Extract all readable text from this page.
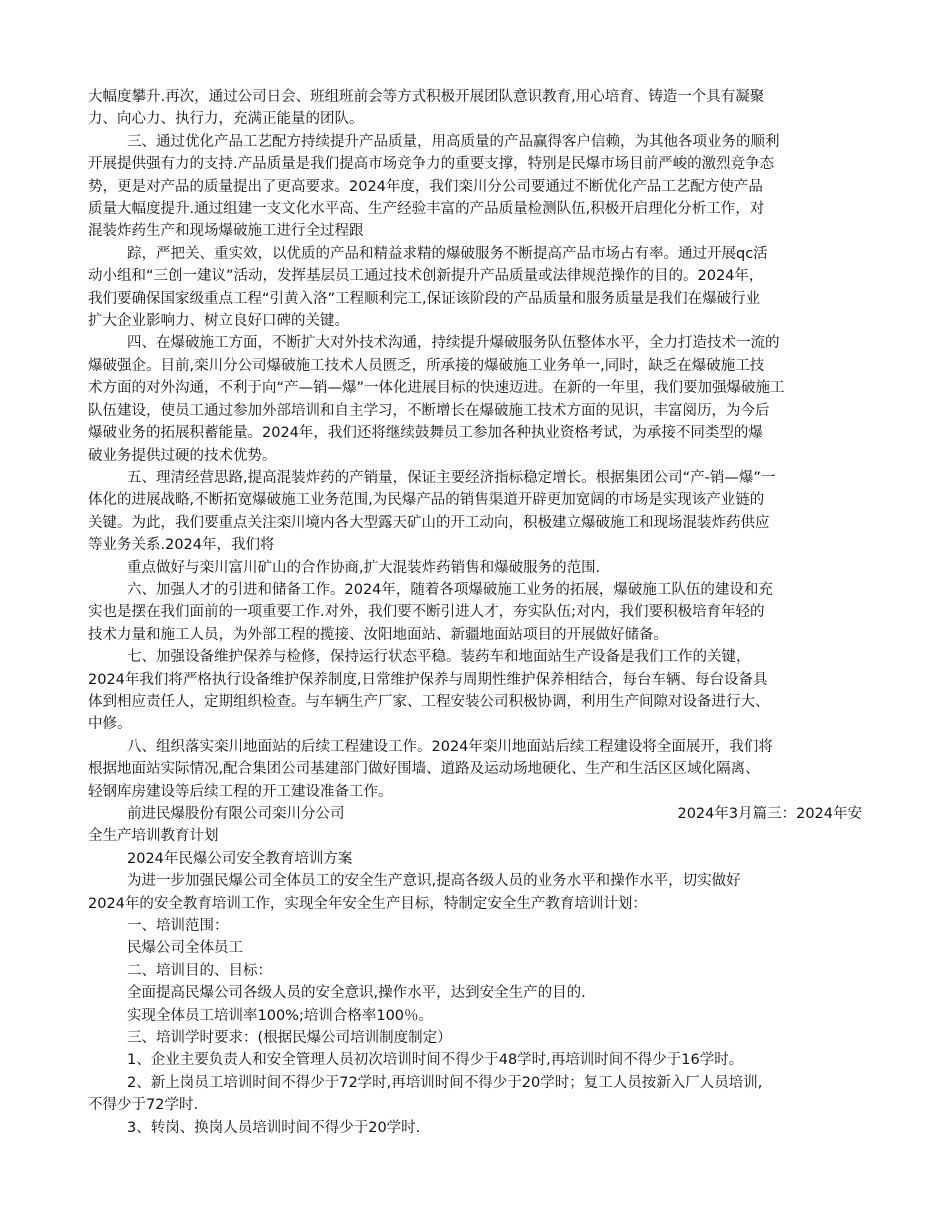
大幅度攀升.再次，通过公司日会、班组班前会等方式积极开展团队意识教育,用心培育、铸造一个具有凝聚

力、向心力、执行力，充满正能量的团队。

三、通过优化产品工艺配方持续提升产品质量，用高质量的产品赢得客户信赖，为其他各项业务的顺利

开展提供强有力的支持.产品质量是我们提高市场竞争力的重要支撑，特别是民爆市场目前严峻的激烈竞争态

势，更是对产品的质量提出了更高要求。2024年度，我们栾川分公司要通过不断优化产品工艺配方使产品

质量大幅度提升.通过组建一支文化水平高、生产经验丰富的产品质量检测队伍,积极开启理化分析工作，对

混装炸药生产和现场爆破施工进行全过程跟

踪，严把关、重实效，以优质的产品和精益求精的爆破服务不断提高产品市场占有率。通过开展qc活

动小组和“三创一建议”活动，发挥基层员工通过技术创新提升产品质量或法律规范操作的目的。2024年，

我们要确保国家级重点工程“引黄入洛”工程顺利完工,保证该阶段的产品质量和服务质量是我们在爆破行业

扩大企业影响力、树立良好口碑的关键。

四、在爆破施工方面，不断扩大对外技术沟通，持续提升爆破服务队伍整体水平，全力打造技术一流的

爆破强企。目前,栾川分公司爆破施工技术人员匮乏，所承接的爆破施工业务单一,同时，缺乏在爆破施工技

术方面的对外沟通，不利于向“产—销—爆”一体化进展目标的快速迈进。在新的一年里，我们要加强爆破施工

队伍建设，使员工通过参加外部培训和自主学习，不断增长在爆破施工技术方面的见识，丰富阅历，为今后

爆破业务的拓展积蓄能量。2024年，我们还将继续鼓舞员工参加各种执业资格考试，为承接不同类型的爆

破业务提供过硬的技术优势。

五、理清经营思路,提高混装炸药的产销量，保证主要经济指标稳定增长。根据集团公司“产-销—爆”一

体化的进展战略,不断拓宽爆破施工业务范围,为民爆产品的销售渠道开辟更加宽阔的市场是实现该产业链的

关键。为此，我们要重点关注栾川境内各大型露天矿山的开工动向，积极建立爆破施工和现场混装炸药供应

等业务关系.2024年，我们将

重点做好与栾川富川矿山的合作协商,扩大混装炸药销售和爆破服务的范围.

六、加强人才的引进和储备工作。2024年，随着各项爆破施工业务的拓展，爆破施工队伍的建设和充

实也是摆在我们面前的一项重要工作.对外，我们要不断引进人才，夯实队伍;对内，我们要积极培育年轻的

技术力量和施工人员，为外部工程的揽接、汝阳地面站、新疆地面站项目的开展做好储备。

七、加强设备维护保养与检修，保持运行状态平稳。装药车和地面站生产设备是我们工作的关键，

2024年我们将严格执行设备维护保养制度,日常维护保养与周期性维护保养相结合，每台车辆、每台设备具

体到相应责任人，定期组织检查。与车辆生产厂家、工程安装公司积极协调，利用生产间隙对设备进行大、

中修。

八、组织落实栾川地面站的后续工程建设工作。2024年栾川地面站后续工程建设将全面展开，我们将

根据地面站实际情况,配合集团公司基建部门做好围墙、道路及运动场地硬化、生产和生活区区域化隔离、

轻钢库房建设等后续工程的开工建设准备工作。

前进民爆股份有限公司栾川分公司	2024年3月篇三：2024年安

全生产培训教育计划

2024年民爆公司安全教育培训方案

为进一步加强民爆公司全体员工的安全生产意识,提高各级人员的业务水平和操作水平，切实做好

2024年的安全教育培训工作，实现全年安全生产目标，特制定安全生产教育培训计划：

一、培训范围：

民爆公司全体员工

二、培训目的、目标：

全面提高民爆公司各级人员的安全意识,操作水平，达到安全生产的目的.

实现全体员工培训率100%;培训合格率100％。

三、培训学时要求：(根据民爆公司培训制度制定）

1、企业主要负责人和安全管理人员初次培训时间不得少于48学时,再培训时间不得少于16学时。

2、新上岗员工培训时间不得少于72学时,再培训时间不得少于20学时；复工人员按新入厂人员培训,

不得少于72学时.

3、转岗、换岗人员培训时间不得少于20学时.
